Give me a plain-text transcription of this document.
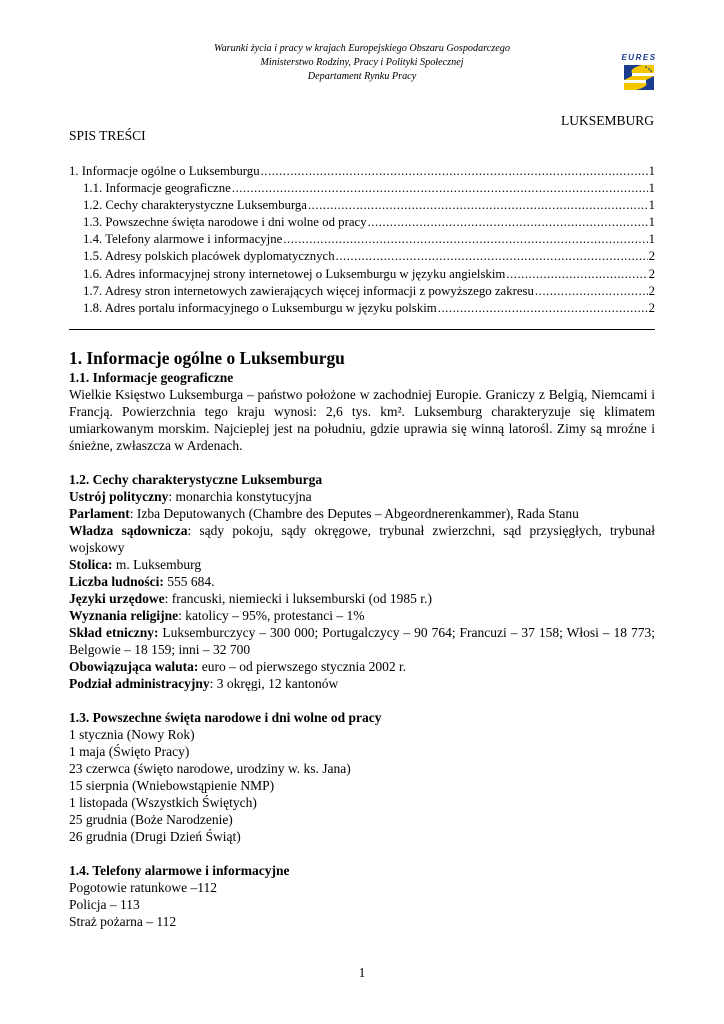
Warunki życia i pracy w krajach Europejskiego Obszaru Gospodarczego
Ministerstwo Rodziny, Pracy i Polityki Społecznej
Departament Rynku Pracy
EURES
LUKSEMBURG
SPIS TREŚCI
1. Informacje ogólne o Luksemburgu .....	1
1.1. Informacje geograficzne .....	1
1.2. Cechy charakterystyczne Luksemburga .....	1
1.3. Powszechne święta narodowe i dni wolne od pracy .....	1
1.4. Telefony alarmowe i informacyjne .....	1
1.5. Adresy polskich placówek dyplomatycznych .....	2
1.6. Adres informacyjnej strony internetowej o Luksemburgu w języku angielskim .....	2
1.7. Adresy stron internetowych zawierających więcej informacji z powyższego zakresu .....	2
1.8. Adres portalu informacyjnego o Luksemburgu w języku polskim .....	2
1. Informacje ogólne o Luksemburgu
1.1. Informacje geograficzne

Wielkie Księstwo Luksemburga – państwo położone w zachodniej Europie. Graniczy z Belgią, Niemcami i Francją. Powierzchnia tego kraju wynosi: 2,6 tys. km². Luksemburg charakteryzuje się klimatem umiarkowanym morskim. Najcieplej jest na południu, gdzie uprawia się winną latorośl. Zimy są mroźne i śnieżne, zwłaszcza w Ardenach.

1.2. Cechy charakterystyczne Luksemburga

Ustrój polityczny: monarchia konstytucyjna

Parlament: Izba Deputowanych (Chambre des Deputes – Abgeordnerenkammer), Rada Stanu

Władza sądownicza: sądy pokoju, sądy okręgowe, trybunał zwierzchni, sąd przysięgłych, trybunał wojskowy

Stolica: m. Luksemburg

Liczba ludności: 555 684.

Języki urzędowe: francuski, niemiecki i luksemburski (od 1985 r.)

Wyznania religijne: katolicy – 95%, protestanci – 1%

Skład etniczny: Luksemburczycy – 300 000; Portugalczycy – 90 764; Francuzi – 37 158; Włosi – 18 773; Belgowie – 18 159; inni – 32 700

Obowiązująca waluta: euro – od pierwszego stycznia 2002 r.

Podział administracyjny: 3 okręgi, 12 kantonów

1.3. Powszechne święta narodowe i dni wolne od pracy
1 stycznia (Nowy Rok)
1 maja (Święto Pracy)
23 czerwca (święto narodowe, urodziny w. ks. Jana)
15 sierpnia (Wniebowstąpienie NMP)
1 listopada (Wszystkich Świętych)
25 grudnia (Boże Narodzenie)
26 grudnia (Drugi Dzień Świąt)
1.4. Telefony alarmowe i informacyjne
Pogotowie ratunkowe –112
Policja – 113
Straż pożarna – 112
1
